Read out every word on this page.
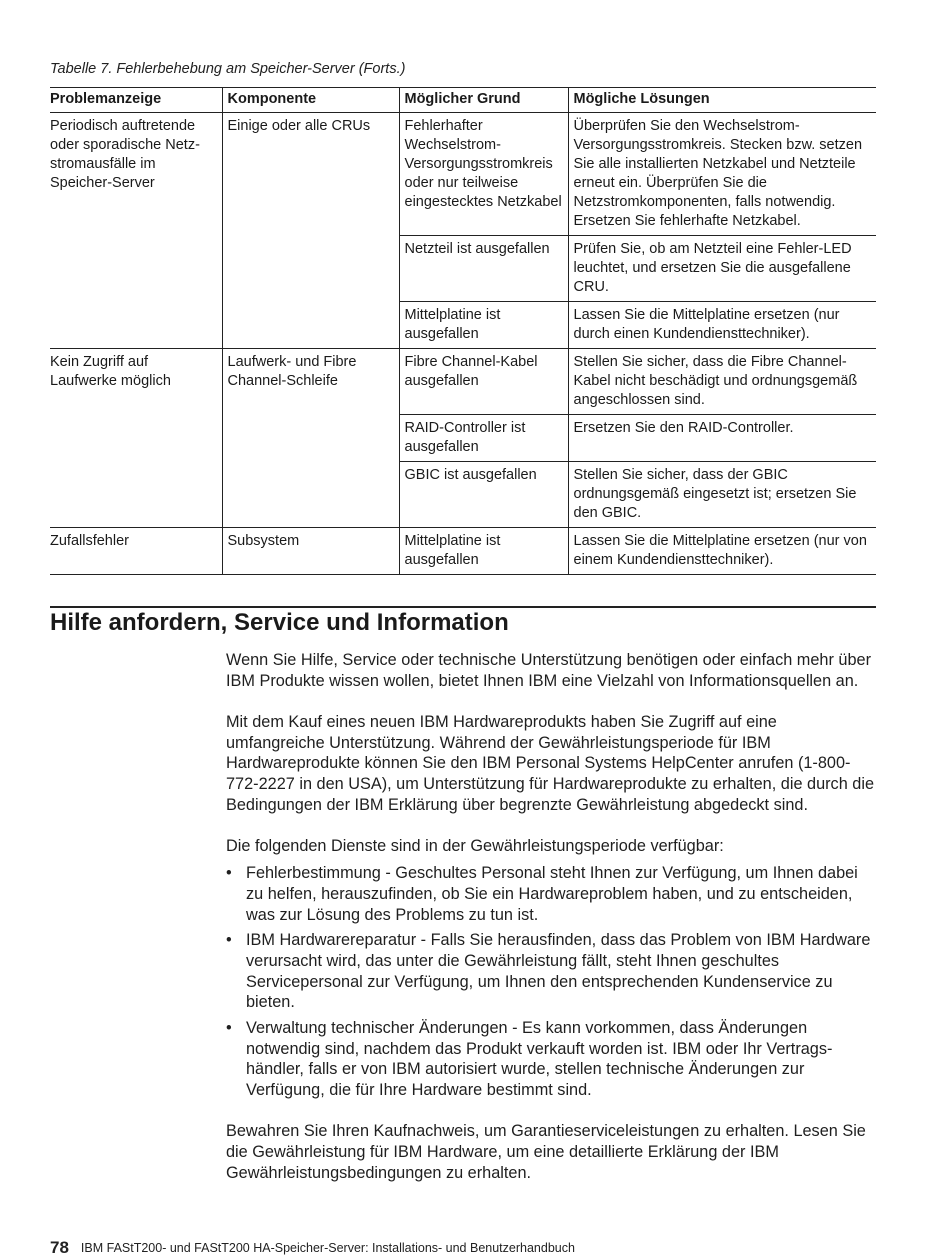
Tabelle 7. Fehlerbehebung am Speicher-Server (Forts.)
Problemanzeige	Komponente	Möglicher Grund	Mögliche Lösungen
Periodisch auftretende oder sporadische Netzstromausfälle im Speicher-Server	Einige oder alle CRUs	Fehlerhafter Wechselstrom-Versorgungsstromkreis oder nur teilweise eingestecktes Netzkabel	Überprüfen Sie den Wechselstrom-Versorgungsstromkreis. Stecken bzw. setzen Sie alle installierten Netzkabel und Netzteile erneut ein. Überprüfen Sie die Netzstromkomponenten, falls notwendig. Ersetzen Sie fehlerhafte Netzkabel.
		Netzteil ist ausgefallen	Prüfen Sie, ob am Netzteil eine Fehler-LED leuchtet, und ersetzen Sie die ausgefallene CRU.
		Mittelplatine ist ausgefallen	Lassen Sie die Mittelplatine ersetzen (nur durch einen Kundendiensttechniker).
Kein Zugriff auf Laufwerke möglich	Laufwerk- und Fibre Channel-Schleife	Fibre Channel-Kabel ausgefallen	Stellen Sie sicher, dass die Fibre Channel-Kabel nicht beschädigt und ordnungsgemäß angeschlossen sind.
		RAID-Controller ist ausgefallen	Ersetzen Sie den RAID-Controller.
		GBIC ist ausgefallen	Stellen Sie sicher, dass der GBIC ordnungsgemäß eingesetzt ist; ersetzen Sie den GBIC.
Zufallsfehler	Subsystem	Mittelplatine ist ausgefallen	Lassen Sie die Mittelplatine ersetzen (nur von einem Kundendiensttechniker).
Hilfe anfordern, Service und Information

Wenn Sie Hilfe, Service oder technische Unterstützung benötigen oder einfach mehr über IBM Produkte wissen wollen, bietet Ihnen IBM eine Vielzahl von Informationsquellen an.

Mit dem Kauf eines neuen IBM Hardwareprodukts haben Sie Zugriff auf eine umfangreiche Unterstützung. Während der Gewährleistungsperiode für IBM Hardwareprodukte können Sie den IBM Personal Systems HelpCenter anrufen (1-800-772-2227 in den USA), um Unterstützung für Hardwareprodukte zu erhalten, die durch die Bedingungen der IBM Erklärung über begrenzte Gewährleistung abgedeckt sind.

Die folgenden Dienste sind in der Gewährleistungsperiode verfügbar:

• Fehlerbestimmung - Geschultes Personal steht Ihnen zur Verfügung, um Ihnen dabei zu helfen, herauszufinden, ob Sie ein Hardwareproblem haben, und zu entscheiden, was zur Lösung des Problems zu tun ist.
• IBM Hardwarereparatur - Falls Sie herausfinden, dass das Problem von IBM Hardware verursacht wird, das unter die Gewährleistung fällt, steht Ihnen geschultes Servicepersonal zur Verfügung, um Ihnen den entsprechenden Kundenservice zu bieten.
• Verwaltung technischer Änderungen - Es kann vorkommen, dass Änderungen notwendig sind, nachdem das Produkt verkauft worden ist. IBM oder Ihr Vertragshändler, falls er von IBM autorisiert wurde, stellen technische Änderungen zur Verfügung, die für Ihre Hardware bestimmt sind.

Bewahren Sie Ihren Kaufnachweis, um Garantieserviceleistungen zu erhalten. Lesen Sie die Gewährleistung für IBM Hardware, um eine detaillierte Erklärung der IBM Gewährleistungsbedingungen zu erhalten.

78 IBM FAStT200- und FAStT200 HA-Speicher-Server: Installations- und Benutzerhandbuch
